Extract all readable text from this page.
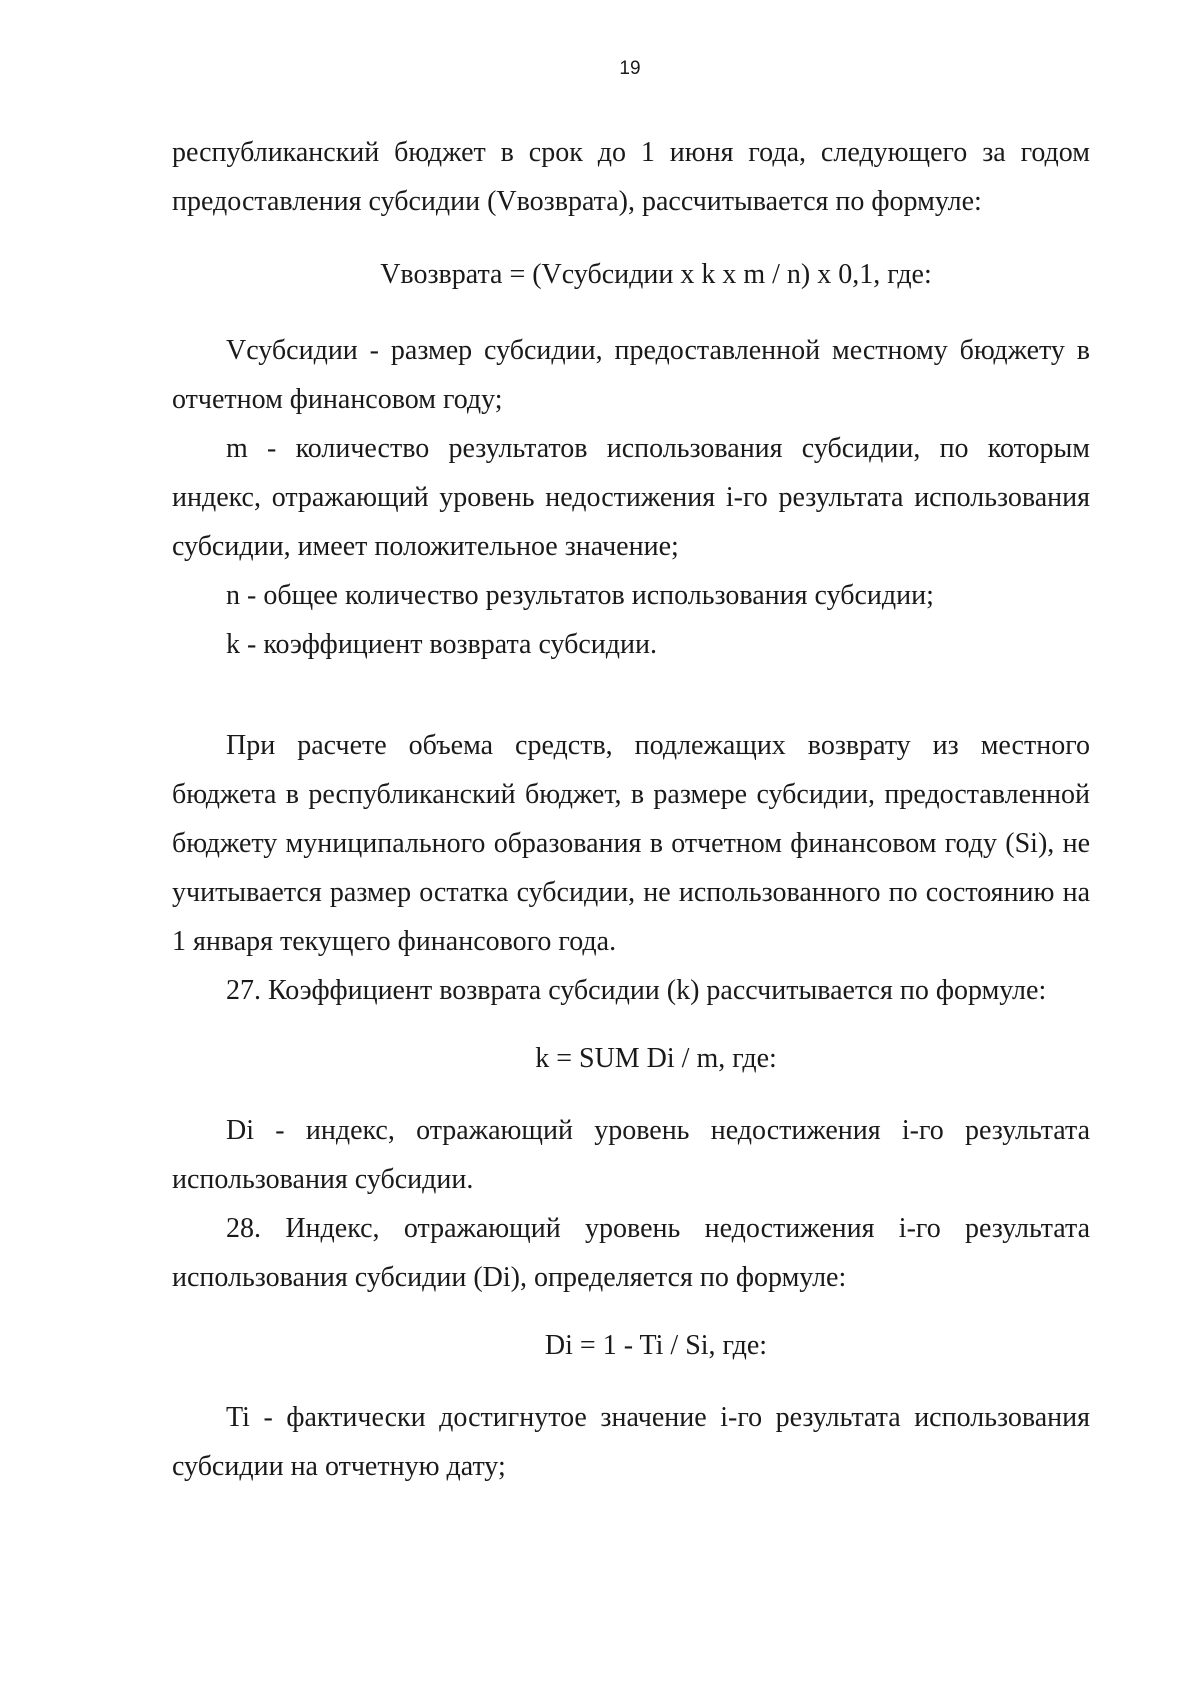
19

республиканский бюджет в срок до 1 июня года, следующего за годом предоставления субсидии (Vвозврата), рассчитывается по формуле:

Vвозврата = (Vсубсидии x k x m / n) x 0,1, где:

Vсубсидии - размер субсидии, предоставленной местному бюджету в отчетном финансовом году;

m - количество результатов использования субсидии, по которым индекс, отражающий уровень недостижения i-го результата использования субсидии, имеет положительное значение;

n - общее количество результатов использования субсидии;

k - коэффициент возврата субсидии.

При расчете объема средств, подлежащих возврату из местного бюджета в республиканский бюджет, в размере субсидии, предоставленной бюджету муниципального образования в отчетном финансовом году (Si), не учитывается размер остатка субсидии, не использованного по состоянию на 1 января текущего финансового года.

27. Коэффициент возврата субсидии (k) рассчитывается по формуле:

k = SUM Di / m, где:

Di - индекс, отражающий уровень недостижения i-го результата использования субсидии.

28. Индекс, отражающий уровень недостижения i-го результата использования субсидии (Di), определяется по формуле:

Di = 1 - Ti / Si, где:

Ti - фактически достигнутое значение i-го результата использования субсидии на отчетную дату;
